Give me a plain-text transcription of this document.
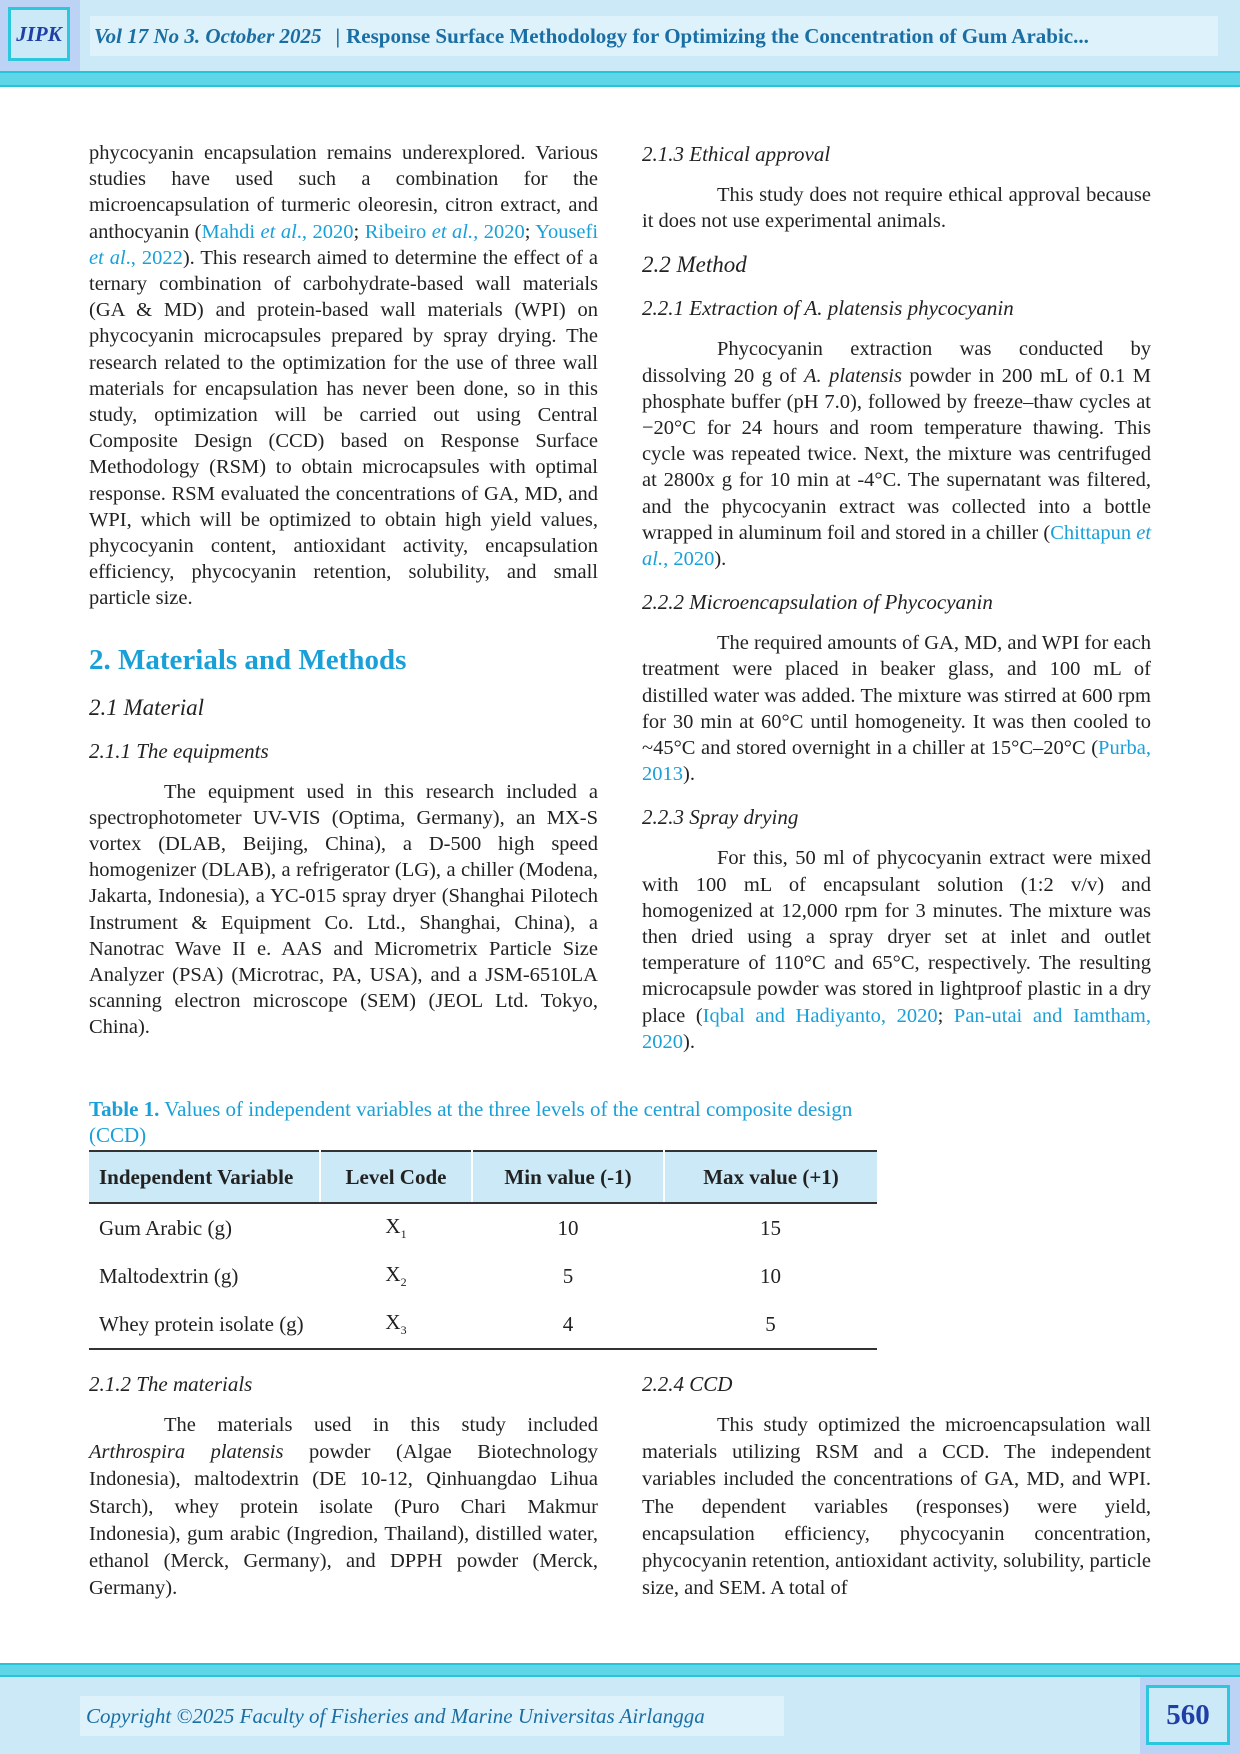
JIPK	Vol 17 No 3. October 2025 | Response Surface Methodology for Optimizing the Concentration of Gum Arabic...

phycocyanin encapsulation remains underexplored. Various studies have used such a combination for the microencapsulation of turmeric oleoresin, citron extract, and anthocyanin (Mahdi et al., 2020; Ribeiro et al., 2020; Yousefi et al., 2022). This research aimed to determine the effect of a ternary combination of carbohydrate-based wall materials (GA & MD) and protein-based wall materials (WPI) on phycocyanin microcapsules prepared by spray drying. The research related to the optimization for the use of three wall materials for encapsulation has never been done, so in this study, optimization will be carried out using Central Composite Design (CCD) based on Response Surface Methodology (RSM) to obtain microcapsules with optimal response. RSM evaluated the concentrations of GA, MD, and WPI, which will be optimized to obtain high yield values, phycocyanin content, antioxidant activity, encapsulation efficiency, phycocyanin retention, solubility, and small particle size.

2. Materials and Methods
2.1 Material
2.1.1 The equipments

The equipment used in this research included a spectrophotometer UV-VIS (Optima, Germany), an MX-S vortex (DLAB, Beijing, China), a D-500 high speed homogenizer (DLAB), a refrigerator (LG), a chiller (Modena, Jakarta, Indonesia), a YC-015 spray dryer (Shanghai Pilotech Instrument & Equipment Co. Ltd., Shanghai, China), a Nanotrac Wave II e. AAS and Micrometrix Particle Size Analyzer (PSA) (Microtrac, PA, USA), and a JSM-6510LA scanning electron microscope (SEM) (JEOL Ltd. Tokyo, China).

2.1.3 Ethical approval

This study does not require ethical approval because it does not use experimental animals.

2.2 Method
2.2.1 Extraction of A. platensis phycocyanin

Phycocyanin extraction was conducted by dissolving 20 g of A. platensis powder in 200 mL of 0.1 M phosphate buffer (pH 7.0), followed by freeze–thaw cycles at −20°C for 24 hours and room temperature thawing. This cycle was repeated twice. Next, the mixture was centrifuged at 2800x g for 10 min at -4°C. The supernatant was filtered, and the phycocyanin extract was collected into a bottle wrapped in aluminum foil and stored in a chiller (Chittapun et al., 2020).

2.2.2 Microencapsulation of Phycocyanin

The required amounts of GA, MD, and WPI for each treatment were placed in beaker glass, and 100 mL of distilled water was added. The mixture was stirred at 600 rpm for 30 min at 60°C until homogeneity. It was then cooled to ~45°C and stored overnight in a chiller at 15°C–20°C (Purba, 2013).

2.2.3 Spray drying

For this, 50 ml of phycocyanin extract were mixed with 100 mL of encapsulant solution (1:2 v/v) and homogenized at 12,000 rpm for 3 minutes. The mixture was then dried using a spray dryer set at inlet and outlet temperature of 110°C and 65°C, respectively. The resulting microcapsule powder was stored in lightproof plastic in a dry place (Iqbal and Hadiyanto, 2020; Pan-utai and Iamtham, 2020).

Table 1. Values of independent variables at the three levels of the central composite design (CCD)
Independent Variable	Level Code	Min value (-1)	Max value (+1)
Gum Arabic (g)	$X_1$	10	15
Maltodextrin (g)	$X_2$	5	10
Whey protein isolate (g)	$X_3$	4	5
2.1.2 The materials

The materials used in this study included Arthrospira platensis powder (Algae Biotechnology Indonesia), maltodextrin (DE 10-12, Qinhuangdao Lihua Starch), whey protein isolate (Puro Chari Makmur Indonesia), gum arabic (Ingredion, Thailand), distilled water, ethanol (Merck, Germany), and DPPH powder (Merck, Germany).

2.2.4 CCD

This study optimized the microencapsulation wall materials utilizing RSM and a CCD. The independent variables included the concentrations of GA, MD, and WPI. The dependent variables (responses) were yield, encapsulation efficiency, phycocyanin concentration, phycocyanin retention, antioxidant activity, solubility, particle size, and SEM. A total of

Copyright ©2025 Faculty of Fisheries and Marine Universitas Airlangga	560
